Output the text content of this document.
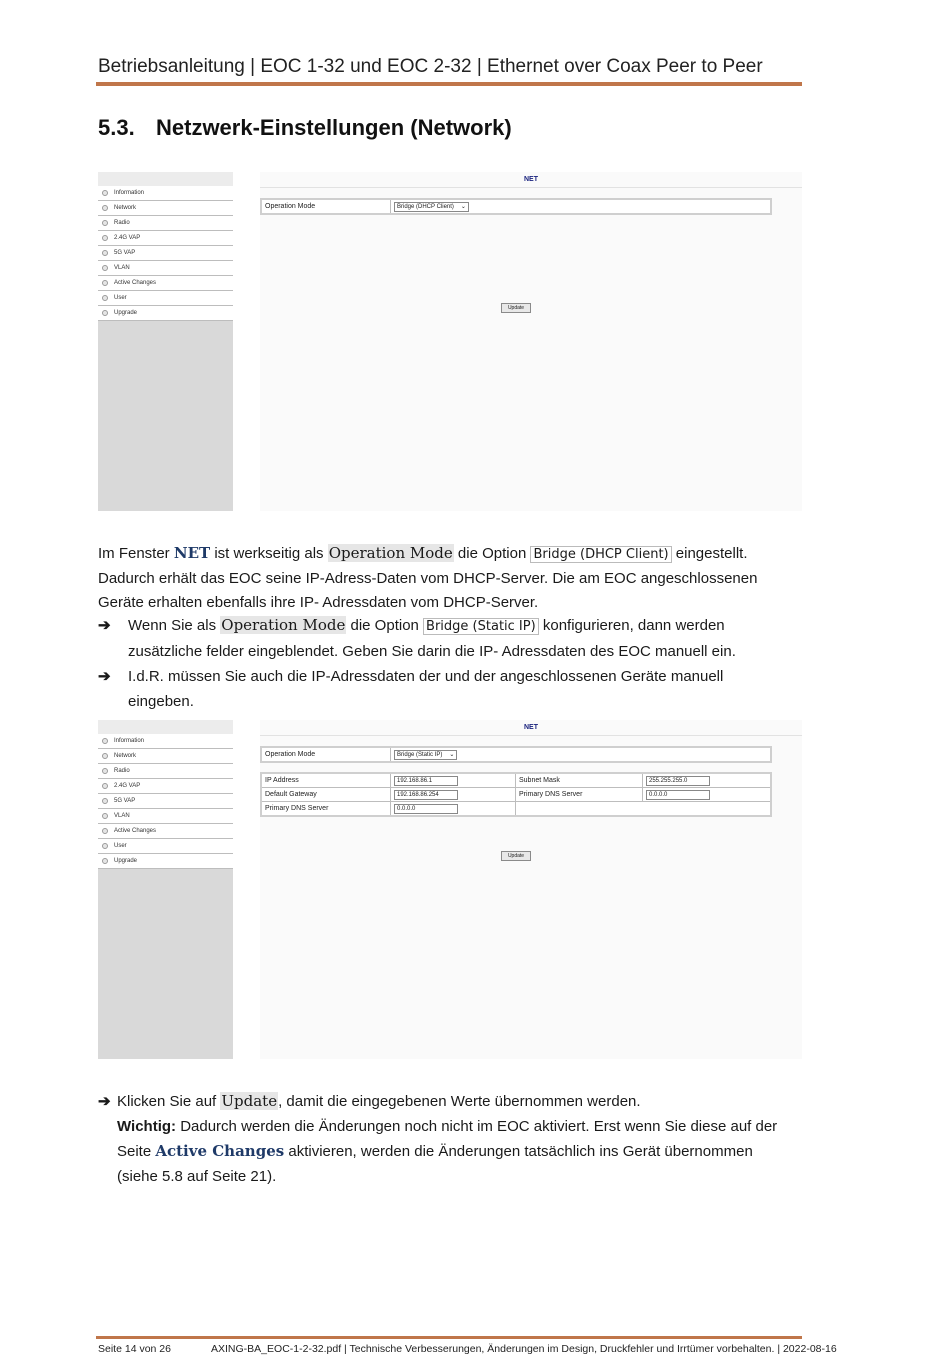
Betriebsanleitung | EOC 1-32 und EOC 2-32 | Ethernet over Coax Peer to Peer
5.3. Netzwerk-Einstellungen (Network)
Information
Network
Radio
2.4G VAP
5G VAP
VLAN
Active Changes
User
Upgrade
NET
Operation Mode	Bridge (DHCP Client) ⌄
Update
Im Fenster NET ist werkseitig als Operation Mode die Option Bridge (DHCP Client) eingestellt. Dadurch erhält das EOC seine IP-Adress-Daten vom DHCP-Server. Die am EOC angeschlossenen Geräte erhalten ebenfalls ihre IP- Adressdaten vom DHCP-Server.
➔	Wenn Sie als Operation Mode die Option Bridge (Static IP) konfigurieren, dann werden zusätzliche felder eingeblendet. Geben Sie darin die IP- Adressdaten des EOC manuell ein.
➔	I.d.R. müssen Sie auch die IP-Adressdaten der und der angeschlossenen Geräte manuell eingeben.
Information
Network
Radio
2.4G VAP
5G VAP
VLAN
Active Changes
User
Upgrade
NET
Operation Mode	Bridge (Static IP) ⌄
IP Address	192.168.86.1	Subnet Mask	255.255.255.0
Default Gateway	192.168.86.254	Primary DNS Server	0.0.0.0
Primary DNS Server	0.0.0.0		
Update
➔ Klicken Sie auf Update, damit die eingegebenen Werte übernommen werden.
Wichtig: Dadurch werden die Änderungen noch nicht im EOC aktiviert. Erst wenn Sie diese auf der Seite Active Changes aktivieren, werden die Änderungen tatsächlich ins Gerät übernommen (siehe 5.8 auf Seite 21).
Seite 14 von 26	AXING-BA_EOC-1-2-32.pdf | Technische Verbesserungen, Änderungen im Design, Druckfehler und Irrtümer vorbehalten. | 2022-08-16
